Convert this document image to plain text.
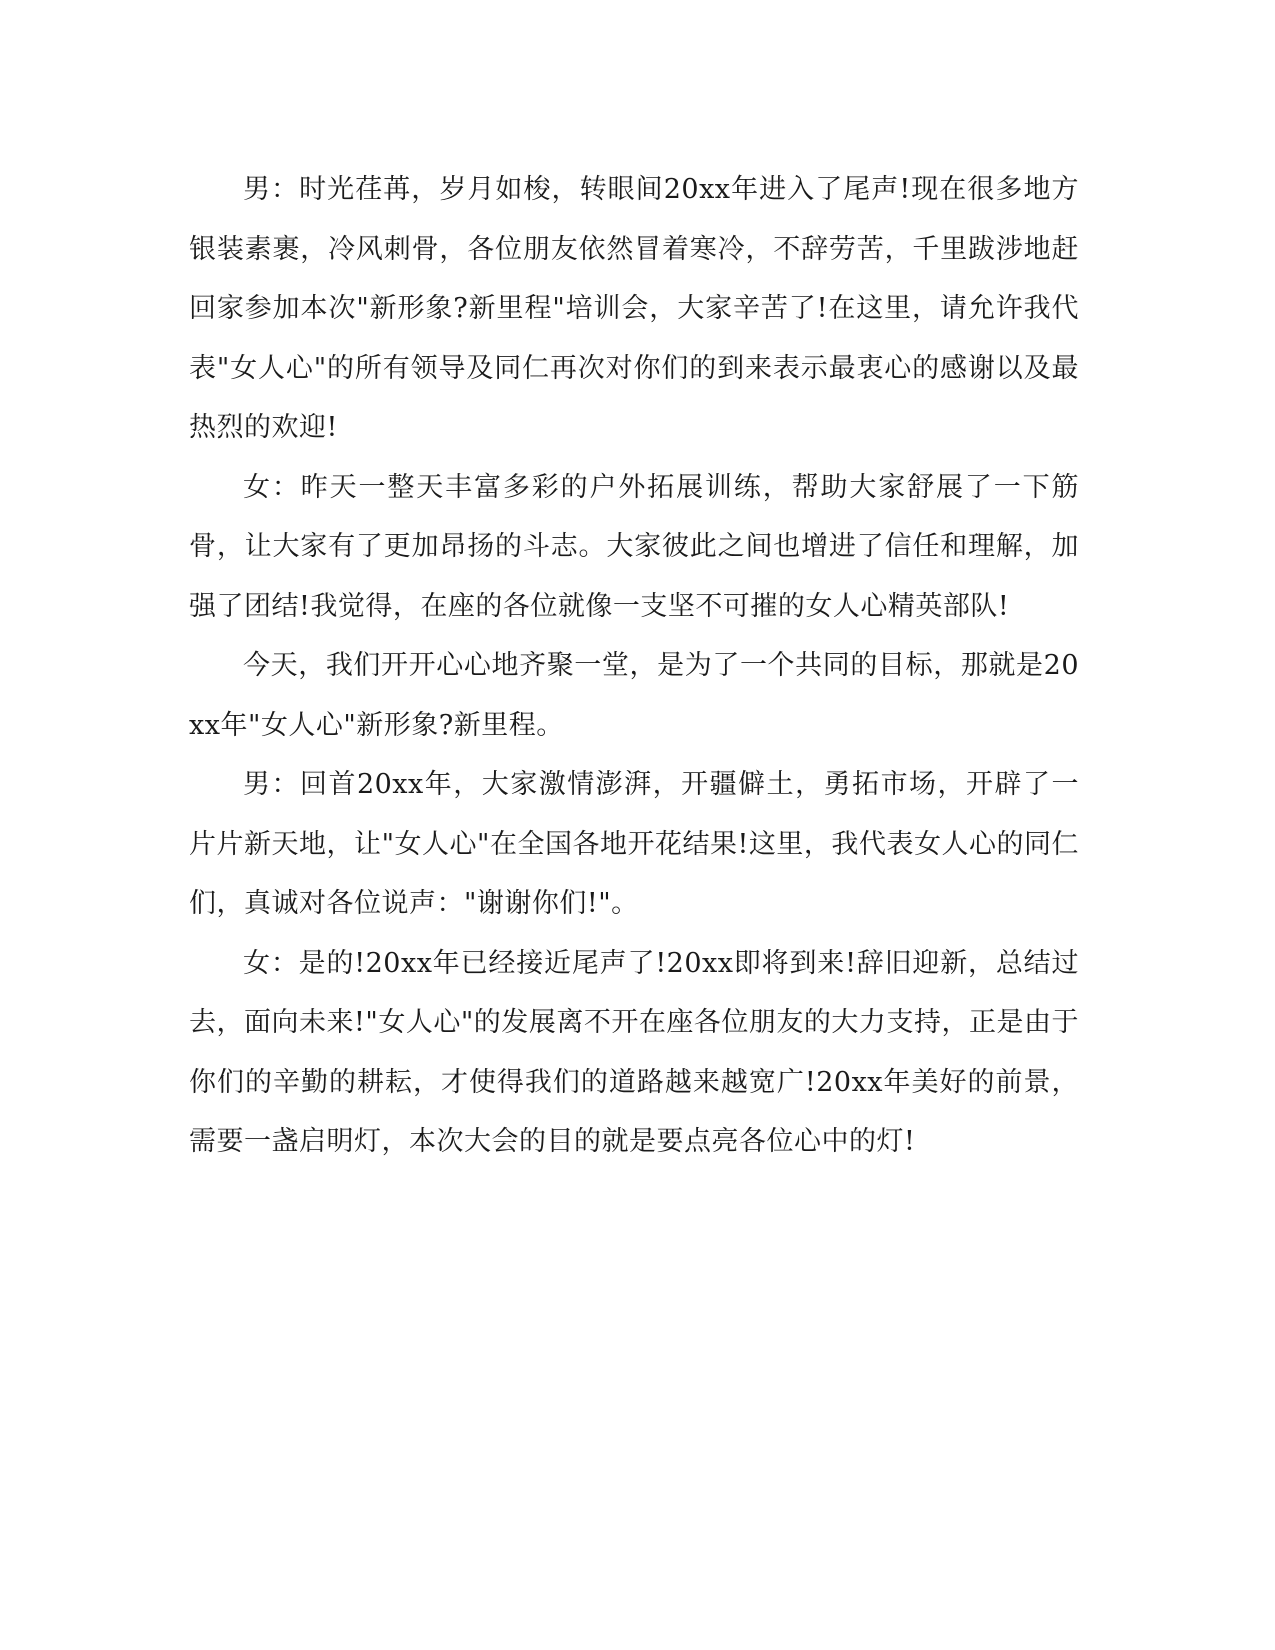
男：时光荏苒，岁月如梭，转眼间20xx年进入了尾声!现在很多地方银装素裹，冷风刺骨，各位朋友依然冒着寒冷，不辞劳苦，千里跋涉地赶回家参加本次"新形象?新里程"培训会，大家辛苦了!在这里，请允许我代表"女人心"的所有领导及同仁再次对你们的到来表示最衷心的感谢以及最热烈的欢迎!

女：昨天一整天丰富多彩的户外拓展训练，帮助大家舒展了一下筋骨，让大家有了更加昂扬的斗志。大家彼此之间也增进了信任和理解，加强了团结!我觉得，在座的各位就像一支坚不可摧的女人心精英部队!

今天，我们开开心心地齐聚一堂，是为了一个共同的目标，那就是20xx年"女人心"新形象?新里程。

男：回首20xx年，大家激情澎湃，开疆僻土，勇拓市场，开辟了一片片新天地，让"女人心"在全国各地开花结果!这里，我代表女人心的同仁们，真诚对各位说声："谢谢你们!"。

女：是的!20xx年已经接近尾声了!20xx即将到来!辞旧迎新，总结过去，面向未来!"女人心"的发展离不开在座各位朋友的大力支持，正是由于你们的辛勤的耕耘，才使得我们的道路越来越宽广!20xx年美好的前景，需要一盏启明灯，本次大会的目的就是要点亮各位心中的灯!
